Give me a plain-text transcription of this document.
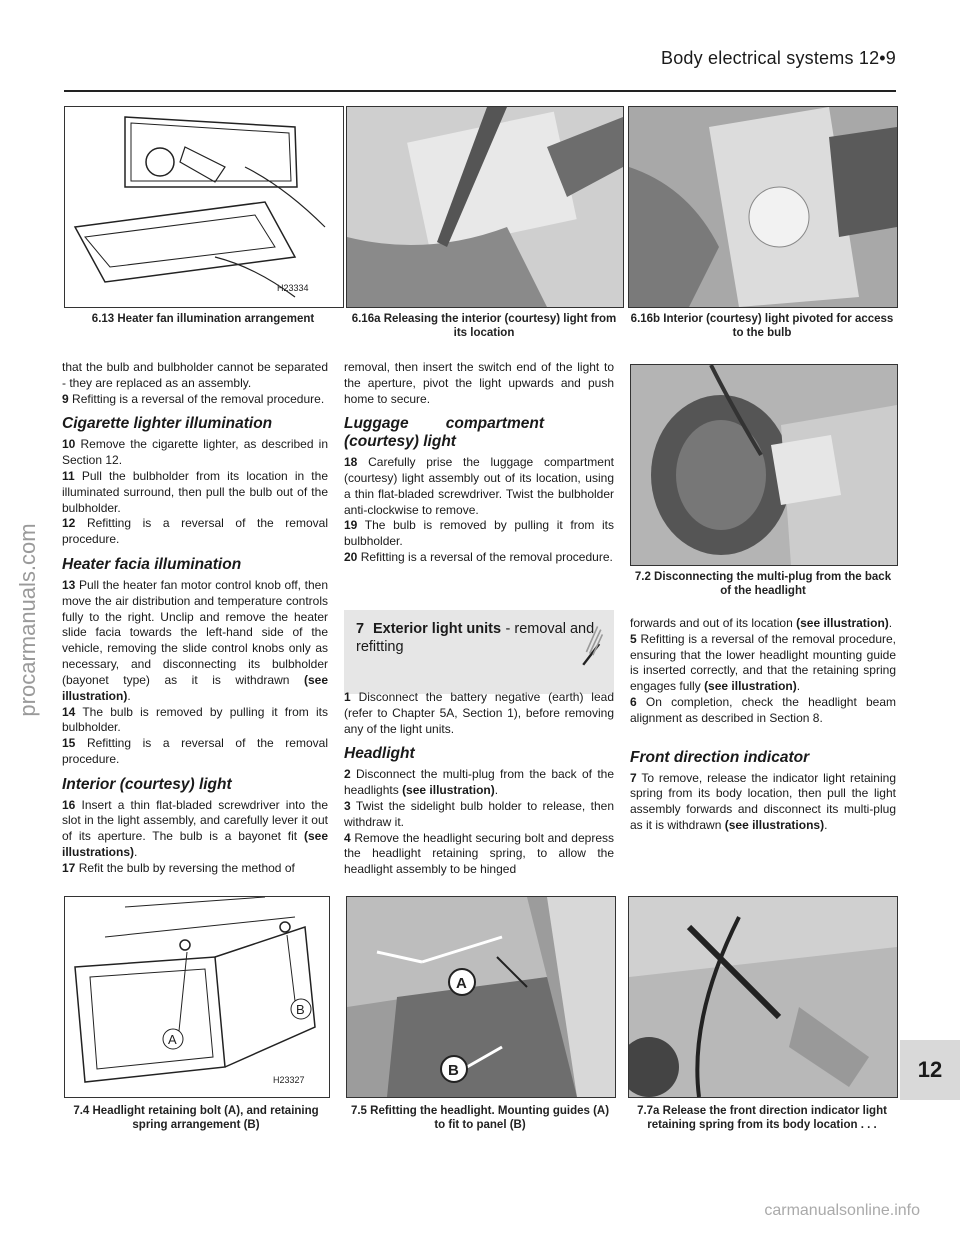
Body electrical systems 12•9
H23334
6.13 Heater fan illumination arrangement	6.16a Releasing the interior (courtesy) light from its location
6.16b Interior (courtesy) light pivoted for access to the bulb

that the bulb and bulbholder cannot be separated - they are replaced as an assembly.

9 Refitting is a reversal of the removal procedure.

Cigarette lighter illumination

10 Remove the cigarette lighter, as described in Section 12.

11 Pull the bulbholder from its location in the illuminated surround, then pull the bulb out of the bulbholder.

12 Refitting is a reversal of the removal procedure.

Heater facia illumination

13 Pull the heater fan motor control knob off, then move the air distribution and temperature controls fully to the right. Unclip and remove the heater slide facia towards the left-hand side of the vehicle, removing the slide control knobs only as necessary, and disconnecting its bulbholder (bayonet type) as it is withdrawn (see illustration).

14 The bulb is removed by pulling it from its bulbholder.

15 Refitting is a reversal of the removal procedure.

Interior (courtesy) light

16 Insert a thin flat-bladed screwdriver into the slot in the light assembly, and carefully lever it out of its aperture. The bulb is a bayonet fit (see illustrations).

17 Refit the bulb by reversing the method of

removal, then insert the switch end of the light to the aperture, pivot the light upwards and push home to secure.

Luggage compartment (courtesy) light

18 Carefully prise the luggage compartment (courtesy) light assembly out of its location, using a thin flat-bladed screwdriver. Twist the bulbholder anti-clockwise to remove.

19 The bulb is removed by pulling it from its bulbholder.

20 Refitting is a reversal of the removal procedure.

7 Exterior light units - removal and refitting

1 Disconnect the battery negative (earth) lead (refer to Chapter 5A, Section 1), before removing any of the light units.

Headlight

2 Disconnect the multi-plug from the back of the headlights (see illustration).

3 Twist the sidelight bulb holder to release, then withdraw it.

4 Remove the headlight securing bolt and depress the headlight retaining spring, to allow the headlight assembly to be hinged

7.2 Disconnecting the multi-plug from the back of the headlight

forwards and out of its location (see illustration).

5 Refitting is a reversal of the removal procedure, ensuring that the lower headlight mounting guide is inserted correctly, and that the retaining spring engages fully (see illustration).

6 On completion, check the headlight beam alignment as described in Section 8.

Front direction indicator

7 To remove, release the indicator light retaining spring from its body location, then pull the light assembly forwards and disconnect its multi-plug as it is withdrawn (see illustrations).

A
B
H23327
A
B
7.4 Headlight retaining bolt (A), and retaining spring arrangement (B)
7.5 Refitting the headlight. Mounting guides (A) to fit to panel (B)
7.7a Release the front direction indicator light retaining spring from its body location . . .
12
procarmanuals.com
carmanualsonline.info
